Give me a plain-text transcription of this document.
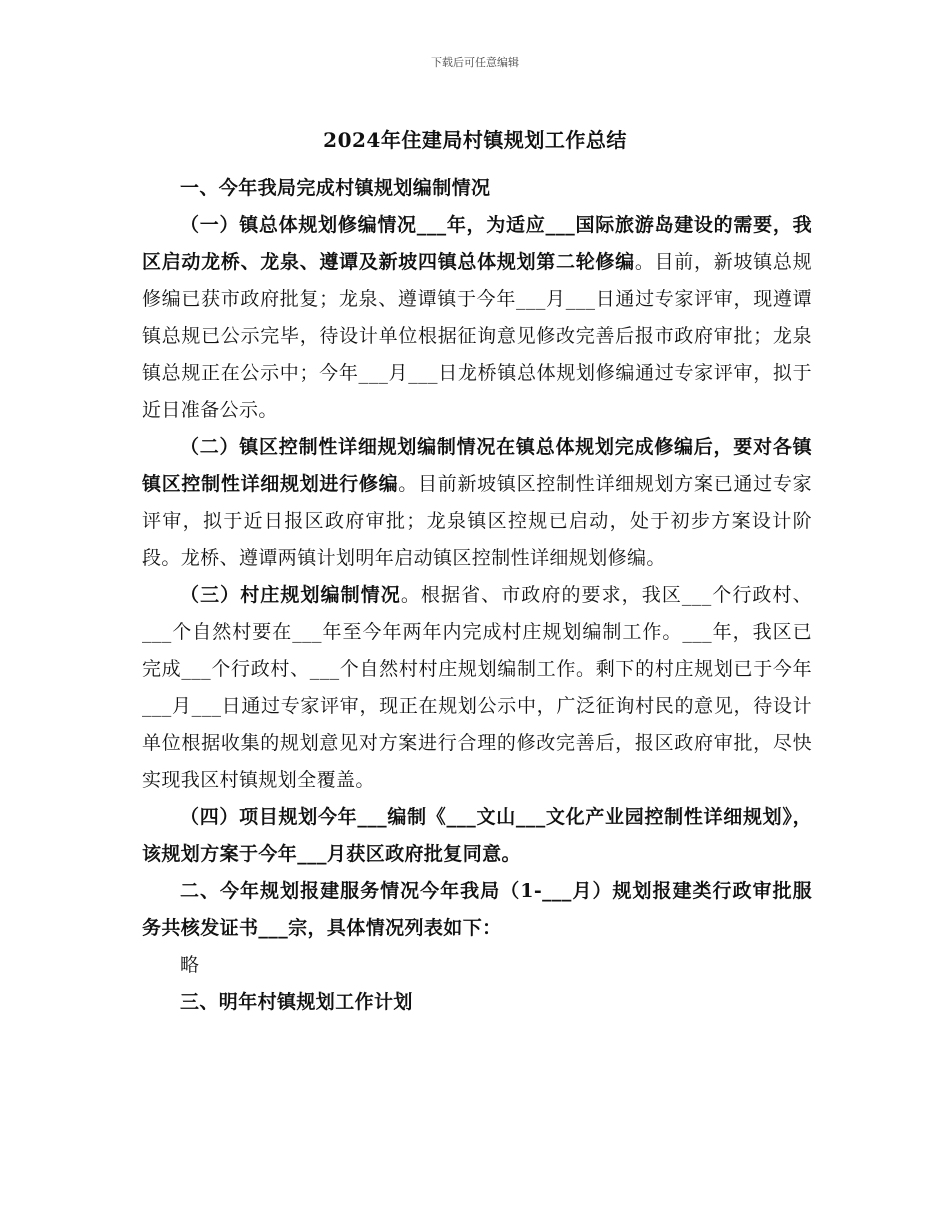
下载后可任意编辑
2024年住建局村镇规划工作总结

一、今年我局完成村镇规划编制情况

（一）镇总体规划修编情况___年，为适应___国际旅游岛建设的需要，我区启动龙桥、龙泉、遵谭及新坡四镇总体规划第二轮修编。目前，新坡镇总规修编已获市政府批复；龙泉、遵谭镇于今年___月___日通过专家评审，现遵谭镇总规已公示完毕，待设计单位根据征询意见修改完善后报市政府审批；龙泉镇总规正在公示中；今年___月___日龙桥镇总体规划修编通过专家评审，拟于近日准备公示。

（二）镇区控制性详细规划编制情况在镇总体规划完成修编后，要对各镇镇区控制性详细规划进行修编。目前新坡镇区控制性详细规划方案已通过专家评审，拟于近日报区政府审批；龙泉镇区控规已启动，处于初步方案设计阶段。龙桥、遵谭两镇计划明年启动镇区控制性详细规划修编。

（三）村庄规划编制情况。根据省、市政府的要求，我区___个行政村、___个自然村要在___年至今年两年内完成村庄规划编制工作。___年，我区已完成___个行政村、___个自然村村庄规划编制工作。剩下的村庄规划已于今年___月___日通过专家评审，现正在规划公示中，广泛征询村民的意见，待设计单位根据收集的规划意见对方案进行合理的修改完善后，报区政府审批，尽快实现我区村镇规划全覆盖。

（四）项目规划今年___编制《___文山___文化产业园控制性详细规划》，该规划方案于今年___月获区政府批复同意。

二、今年规划报建服务情况今年我局（1-___月）规划报建类行政审批服务共核发证书___宗，具体情况列表如下：

略

三、明年村镇规划工作计划
